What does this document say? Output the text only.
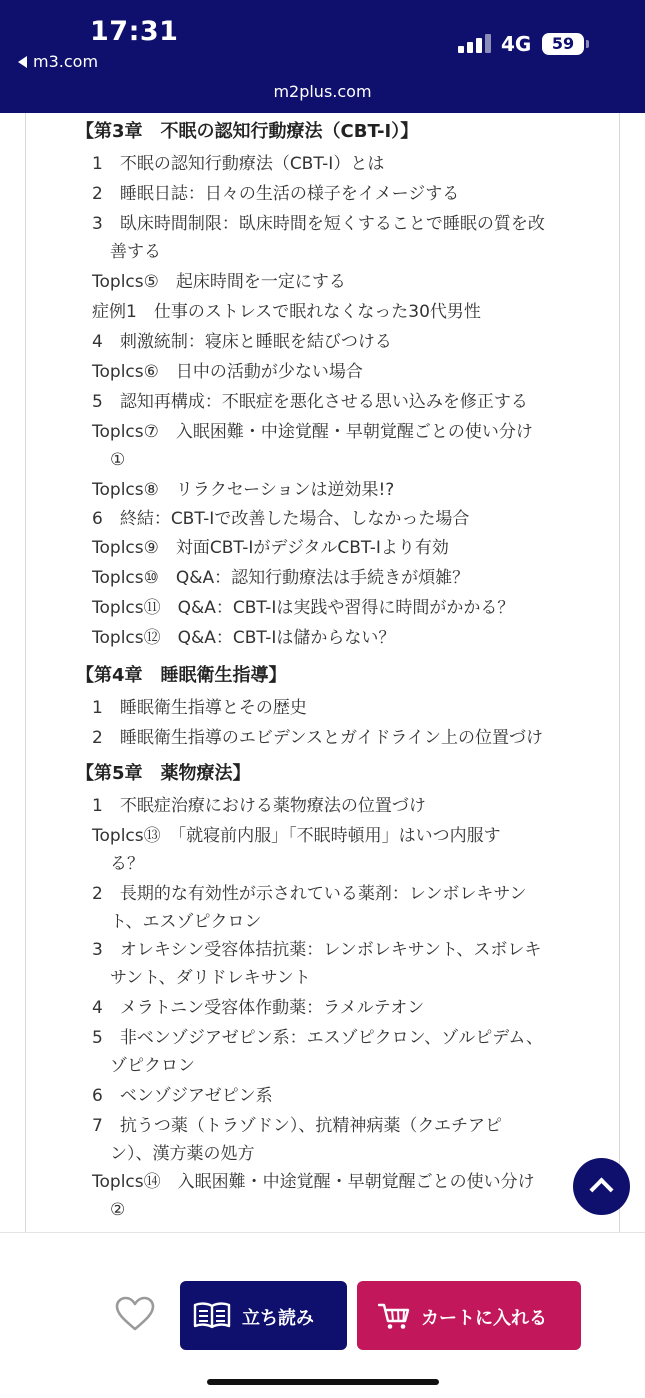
17:31
m3.com
4G	59
m2plus.com
【第3章　不眠の認知行動療法（CBT-I）】
1　不眠の認知行動療法（CBT-I）とは
2　睡眠日誌：日々の生活の様子をイメージする
3　臥床時間制限：臥床時間を短くすることで睡眠の質を改
善する
Toplcs⑤　起床時間を一定にする
症例1　仕事のストレスで眠れなくなった30代男性
4　刺激統制：寝床と睡眠を結びつける
Toplcs⑥　日中の活動が少ない場合
5　認知再構成：不眠症を悪化させる思い込みを修正する
Toplcs⑦　入眠困難・中途覚醒・早朝覚醒ごとの使い分け
①
Toplcs⑧　リラクセーションは逆効果!?
6　終結：CBT-Iで改善した場合、しなかった場合
Toplcs⑨　対面CBT-IがデジタルCBT-Iより有効
Toplcs⑩　Q&A：認知行動療法は手続きが煩雑？
Toplcs⑪　Q&A：CBT-Iは実践や習得に時間がかかる？
Toplcs⑫　Q&A：CBT-Iは儲からない？
【第4章　睡眠衛生指導】
1　睡眠衛生指導とその歴史
2　睡眠衛生指導のエビデンスとガイドライン上の位置づけ
【第5章　薬物療法】
1　不眠症治療における薬物療法の位置づけ
Toplcs⑬　「就寝前内服」「不眠時頓用」はいつ内服す
る？
2　長期的な有効性が示されている薬剤：レンボレキサン
ト、エスゾピクロン
3　オレキシン受容体拮抗薬：レンボレキサント、スボレキ
サント、ダリドレキサント
4　メラトニン受容体作動薬：ラメルテオン
5　非ベンゾジアゼピン系：エスゾピクロン、ゾルピデム、
ゾピクロン
6　ベンゾジアゼピン系
7　抗うつ薬（トラゾドン）、抗精神病薬（クエチアピ
ン）、漢方薬の処方
Toplcs⑭　入眠困難・中途覚醒・早朝覚醒ごとの使い分け
②
立ち読み	カートに入れる
